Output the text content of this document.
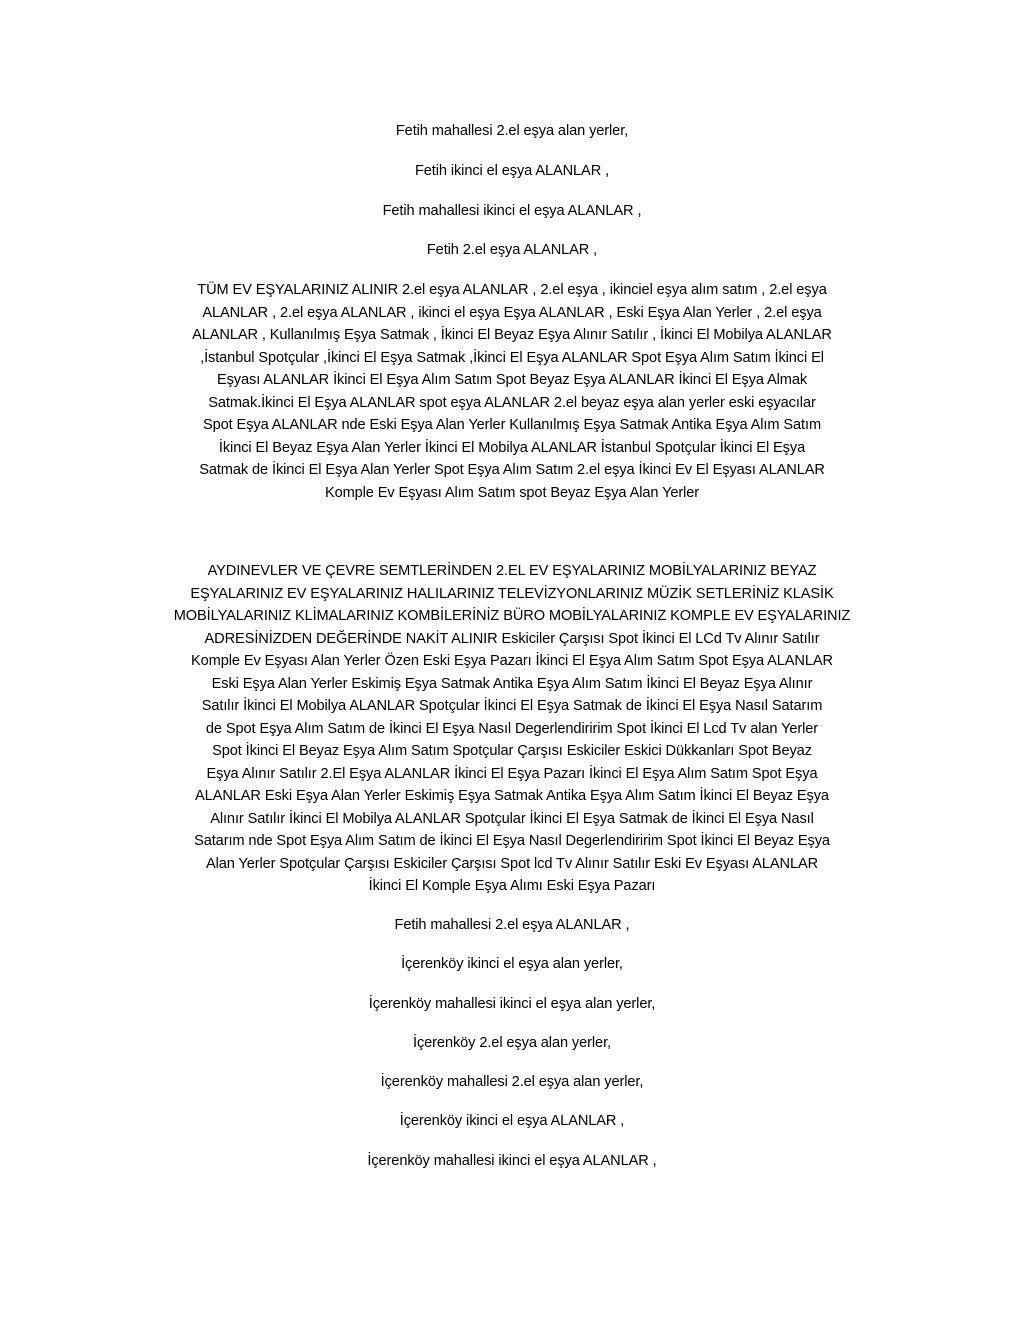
Fetih mahallesi 2.el eşya alan yerler,
Fetih ikinci el eşya ALANLAR ,
Fetih mahallesi ikinci el eşya ALANLAR ,
Fetih 2.el eşya ALANLAR ,
TÜM EV EŞYALARINIZ ALINIR 2.el eşya ALANLAR , 2.el eşya , ikinciel eşya alım satım , 2.el eşya
ALANLAR , 2.el eşya ALANLAR , ikinci el eşya Eşya ALANLAR , Eski Eşya Alan Yerler , 2.el eşya
ALANLAR , Kullanılmış Eşya Satmak , İkinci El Beyaz Eşya Alınır Satılır , İkinci El Mobilya ALANLAR
,İstanbul Spotçular ,İkinci El Eşya Satmak ,İkinci El Eşya ALANLAR Spot Eşya Alım Satım İkinci El
Eşyası ALANLAR İkinci El Eşya Alım Satım Spot Beyaz Eşya ALANLAR İkinci El Eşya Almak
Satmak.İkinci El Eşya ALANLAR spot eşya ALANLAR 2.el beyaz eşya alan yerler eski eşyacılar
Spot Eşya ALANLAR nde Eski Eşya Alan Yerler Kullanılmış Eşya Satmak Antika Eşya Alım Satım
İkinci El Beyaz Eşya Alan Yerler İkinci El Mobilya ALANLAR İstanbul Spotçular İkinci El Eşya
Satmak de İkinci El Eşya Alan Yerler Spot Eşya Alım Satım 2.el eşya İkinci Ev El Eşyası ALANLAR
Komple Ev Eşyası Alım Satım spot Beyaz Eşya Alan Yerler
AYDINEVLER VE ÇEVRE SEMTLERİNDEN 2.EL EV EŞYALARINIZ MOBİLYALARINIZ BEYAZ
EŞYALARINIZ EV EŞYALARINIZ HALILARINIZ TELEVİZYONLARINIZ MÜZİK SETLERİNİZ KLASİK
MOBİLYALARINIZ KLİMALARINIZ KOMBİLERİNİZ BÜRO MOBİLYALARINIZ KOMPLE EV EŞYALARINIZ
ADRESİNİZDEN DEĞERİNDE NAKİT ALINIR Eskiciler Çarşısı Spot İkinci El LCd Tv Alınır Satılır
Komple Ev Eşyası Alan Yerler Özen Eski Eşya Pazarı İkinci El Eşya Alım Satım Spot Eşya ALANLAR
Eski Eşya Alan Yerler Eskimiş Eşya Satmak Antika Eşya Alım Satım İkinci El Beyaz Eşya Alınır
Satılır İkinci El Mobilya ALANLAR Spotçular İkinci El Eşya Satmak de İkinci El Eşya Nasıl Satarım
de Spot Eşya Alım Satım de İkinci El Eşya Nasıl Degerlendiririm Spot İkinci El Lcd Tv alan Yerler
Spot İkinci El Beyaz Eşya Alım Satım Spotçular Çarşısı Eskiciler Eskici Dükkanları Spot Beyaz
Eşya Alınır Satılır 2.El Eşya ALANLAR İkinci El Eşya Pazarı İkinci El Eşya Alım Satım Spot Eşya
ALANLAR Eski Eşya Alan Yerler Eskimiş Eşya Satmak Antika Eşya Alım Satım İkinci El Beyaz Eşya
Alınır Satılır İkinci El Mobilya ALANLAR Spotçular İkinci El Eşya Satmak de İkinci El Eşya Nasıl
Satarım nde Spot Eşya Alım Satım de İkinci El Eşya Nasıl Degerlendiririm Spot İkinci El Beyaz Eşya
Alan Yerler Spotçular Çarşısı Eskiciler Çarşısı Spot lcd Tv Alınır Satılır Eski Ev Eşyası ALANLAR
İkinci El Komple Eşya Alımı Eski Eşya Pazarı
Fetih mahallesi 2.el eşya ALANLAR ,
İçerenköy ikinci el eşya alan yerler,
İçerenköy mahallesi ikinci el eşya alan yerler,
İçerenköy 2.el eşya alan yerler,
İçerenköy mahallesi 2.el eşya alan yerler,
İçerenköy ikinci el eşya ALANLAR ,
İçerenköy mahallesi ikinci el eşya ALANLAR ,
